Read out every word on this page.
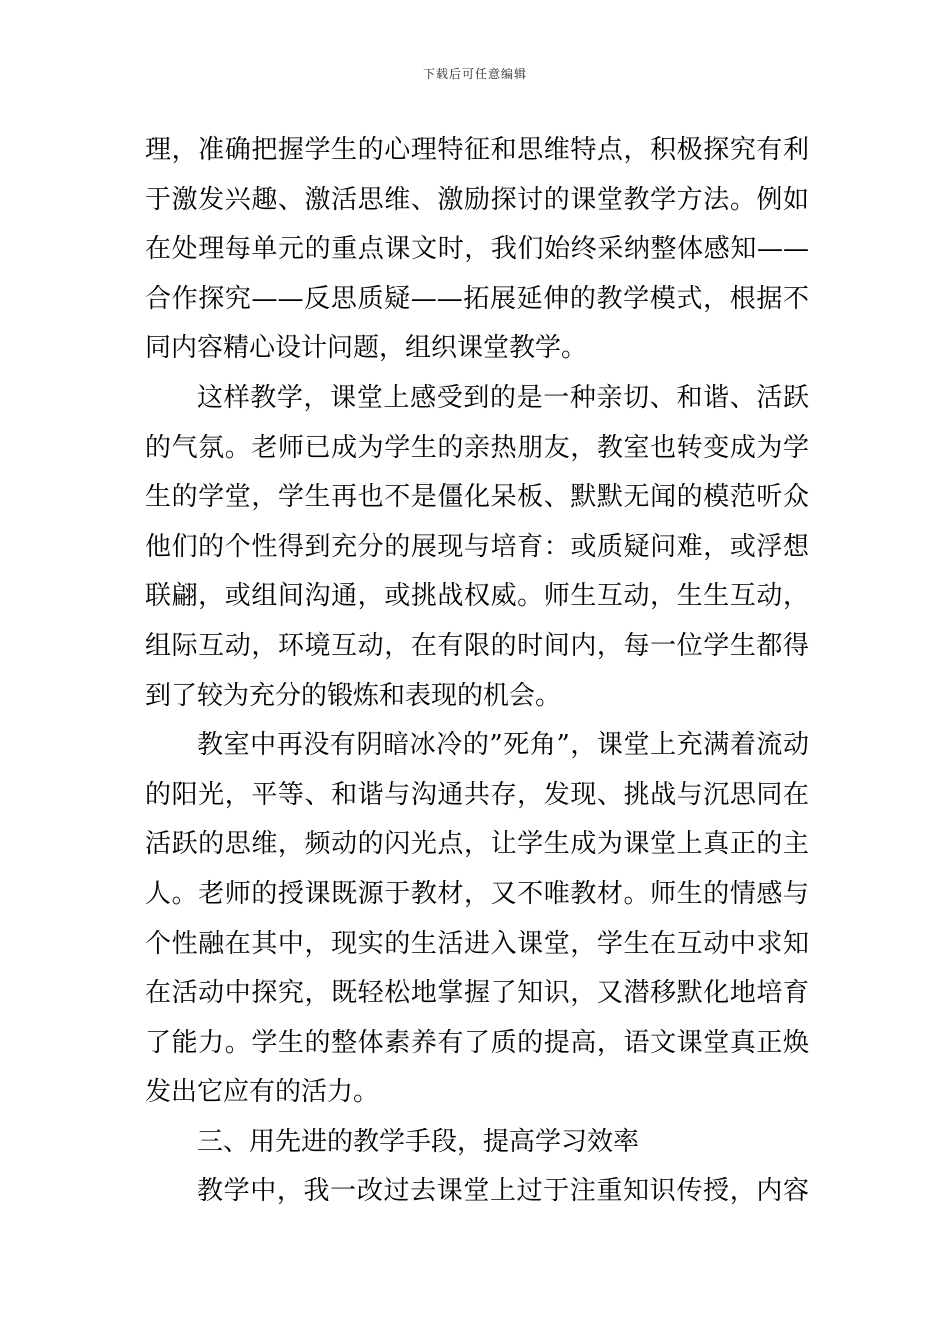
下载后可任意编辑
理，准确把握学生的心理特征和思维特点，积极探究有利
于激发兴趣、激活思维、激励探讨的课堂教学方法。例如
在处理每单元的重点课文时，我们始终采纳整体感知——
合作探究——反思质疑——拓展延伸的教学模式，根据不
同内容精心设计问题，组织课堂教学。
这样教学，课堂上感受到的是一种亲切、和谐、活跃
的气氛。老师已成为学生的亲热朋友，教室也转变成为学
生的学堂，学生再也不是僵化呆板、默默无闻的模范听众
他们的个性得到充分的展现与培育：或质疑问难，或浮想
联翩，或组间沟通，或挑战权威。师生互动，生生互动，
组际互动，环境互动，在有限的时间内，每一位学生都得
到了较为充分的锻炼和表现的机会。
教室中再没有阴暗冰冷的”死角”，课堂上充满着流动
的阳光，平等、和谐与沟通共存，发现、挑战与沉思同在
活跃的思维，频动的闪光点，让学生成为课堂上真正的主
人。老师的授课既源于教材，又不唯教材。师生的情感与
个性融在其中，现实的生活进入课堂，学生在互动中求知
在活动中探究，既轻松地掌握了知识，又潜移默化地培育
了能力。学生的整体素养有了质的提高，语文课堂真正焕
发出它应有的活力。
三、用先进的教学手段，提高学习效率
教学中，我一改过去课堂上过于注重知识传授，内容
